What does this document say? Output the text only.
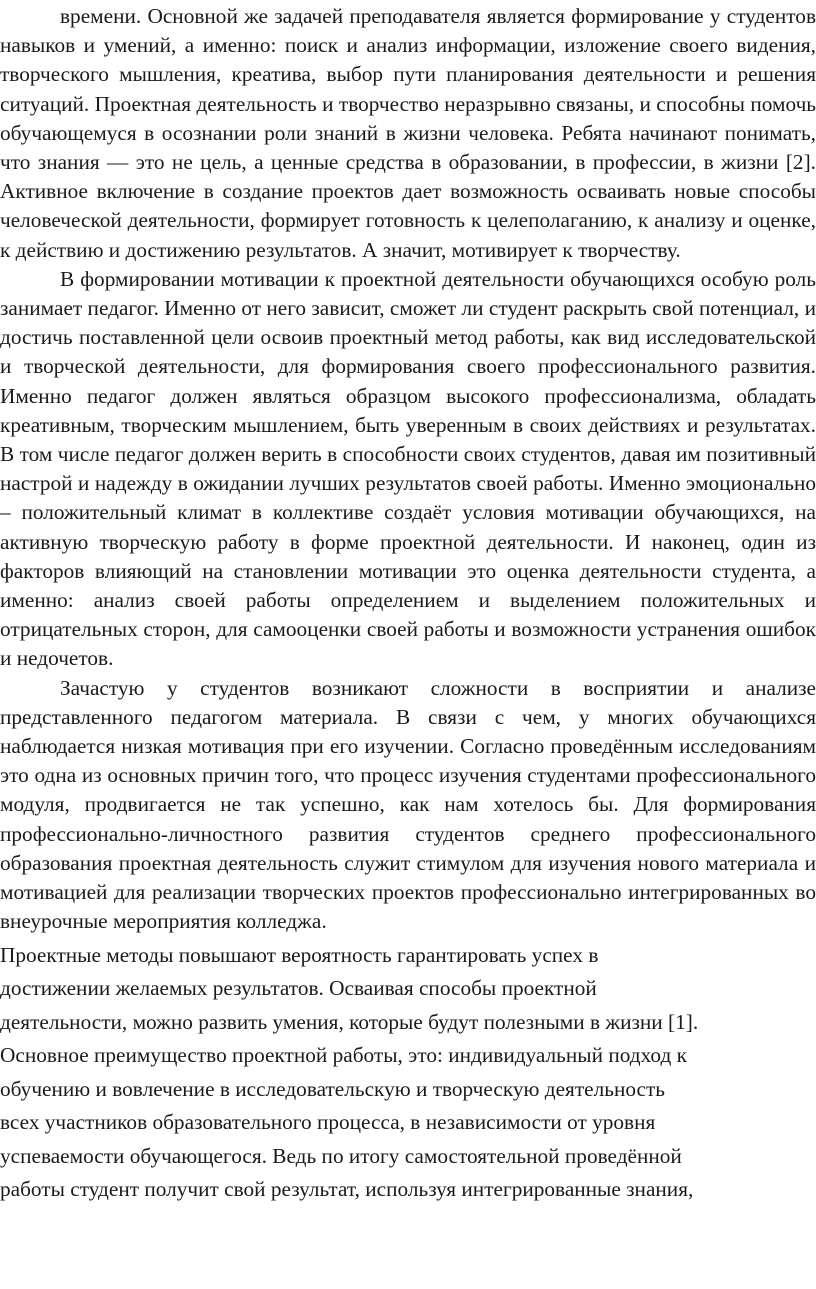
времени. Основной же задачей преподавателя является формирование у студентов навыков и умений, а именно: поиск и анализ информации, изложение своего видения, творческого мышления, креатива, выбор пути планирования деятельности и решения ситуаций. Проектная деятельность и творчество неразрывно связаны, и способны помочь обучающемуся в осознании роли знаний в жизни человека. Ребята начинают понимать, что знания — это не цель, а ценные средства в образовании, в профессии, в жизни [2]. Активное включение в создание проектов дает возможность осваивать новые способы человеческой деятельности, формирует готовность к целеполаганию, к анализу и оценке, к действию и достижению результатов. А значит, мотивирует к творчеству.

В формировании мотивации к проектной деятельности обучающихся особую роль занимает педагог. Именно от него зависит, сможет ли студент раскрыть свой потенциал, и достичь поставленной цели освоив проектный метод работы, как вид исследовательской и творческой деятельности, для формирования своего профессионального развития. Именно педагог должен являться образцом высокого профессионализма, обладать креативным, творческим мышлением, быть уверенным в своих действиях и результатах. В том числе педагог должен верить в способности своих студентов, давая им позитивный настрой и надежду в ожидании лучших результатов своей работы. Именно эмоционально – положительный климат в коллективе создаёт условия мотивации обучающихся, на активную творческую работу в форме проектной деятельности. И наконец, один из факторов влияющий на становлении мотивации это оценка деятельности студента, а именно: анализ своей работы определением и выделением положительных и отрицательных сторон, для самооценки своей работы и возможности устранения ошибок и недочетов.

Зачастую у студентов возникают сложности в восприятии и анализе представленного педагогом материала. В связи с чем, у многих обучающихся наблюдается низкая мотивация при его изучении. Согласно проведённым исследованиям это одна из основных причин того, что процесс изучения студентами профессионального модуля, продвигается не так успешно, как нам хотелось бы. Для формирования профессионально-личностного развития студентов среднего профессионального образования проектная деятельность служит стимулом для изучения нового материала и мотивацией для реализации творческих проектов профессионально интегрированных во внеурочные мероприятия колледжа.

Проектные методы повышают вероятность гарантировать успех в

достижении желаемых результатов. Осваивая способы проектной

деятельности, можно развить умения, которые будут полезными в жизни [1].

Основное преимущество проектной работы, это: индивидуальный подход к

обучению и вовлечение в исследовательскую и творческую деятельность

всех участников образовательного процесса, в независимости от уровня

успеваемости обучающегося. Ведь по итогу самостоятельной проведённой

работы студент получит свой результат, используя интегрированные знания,
